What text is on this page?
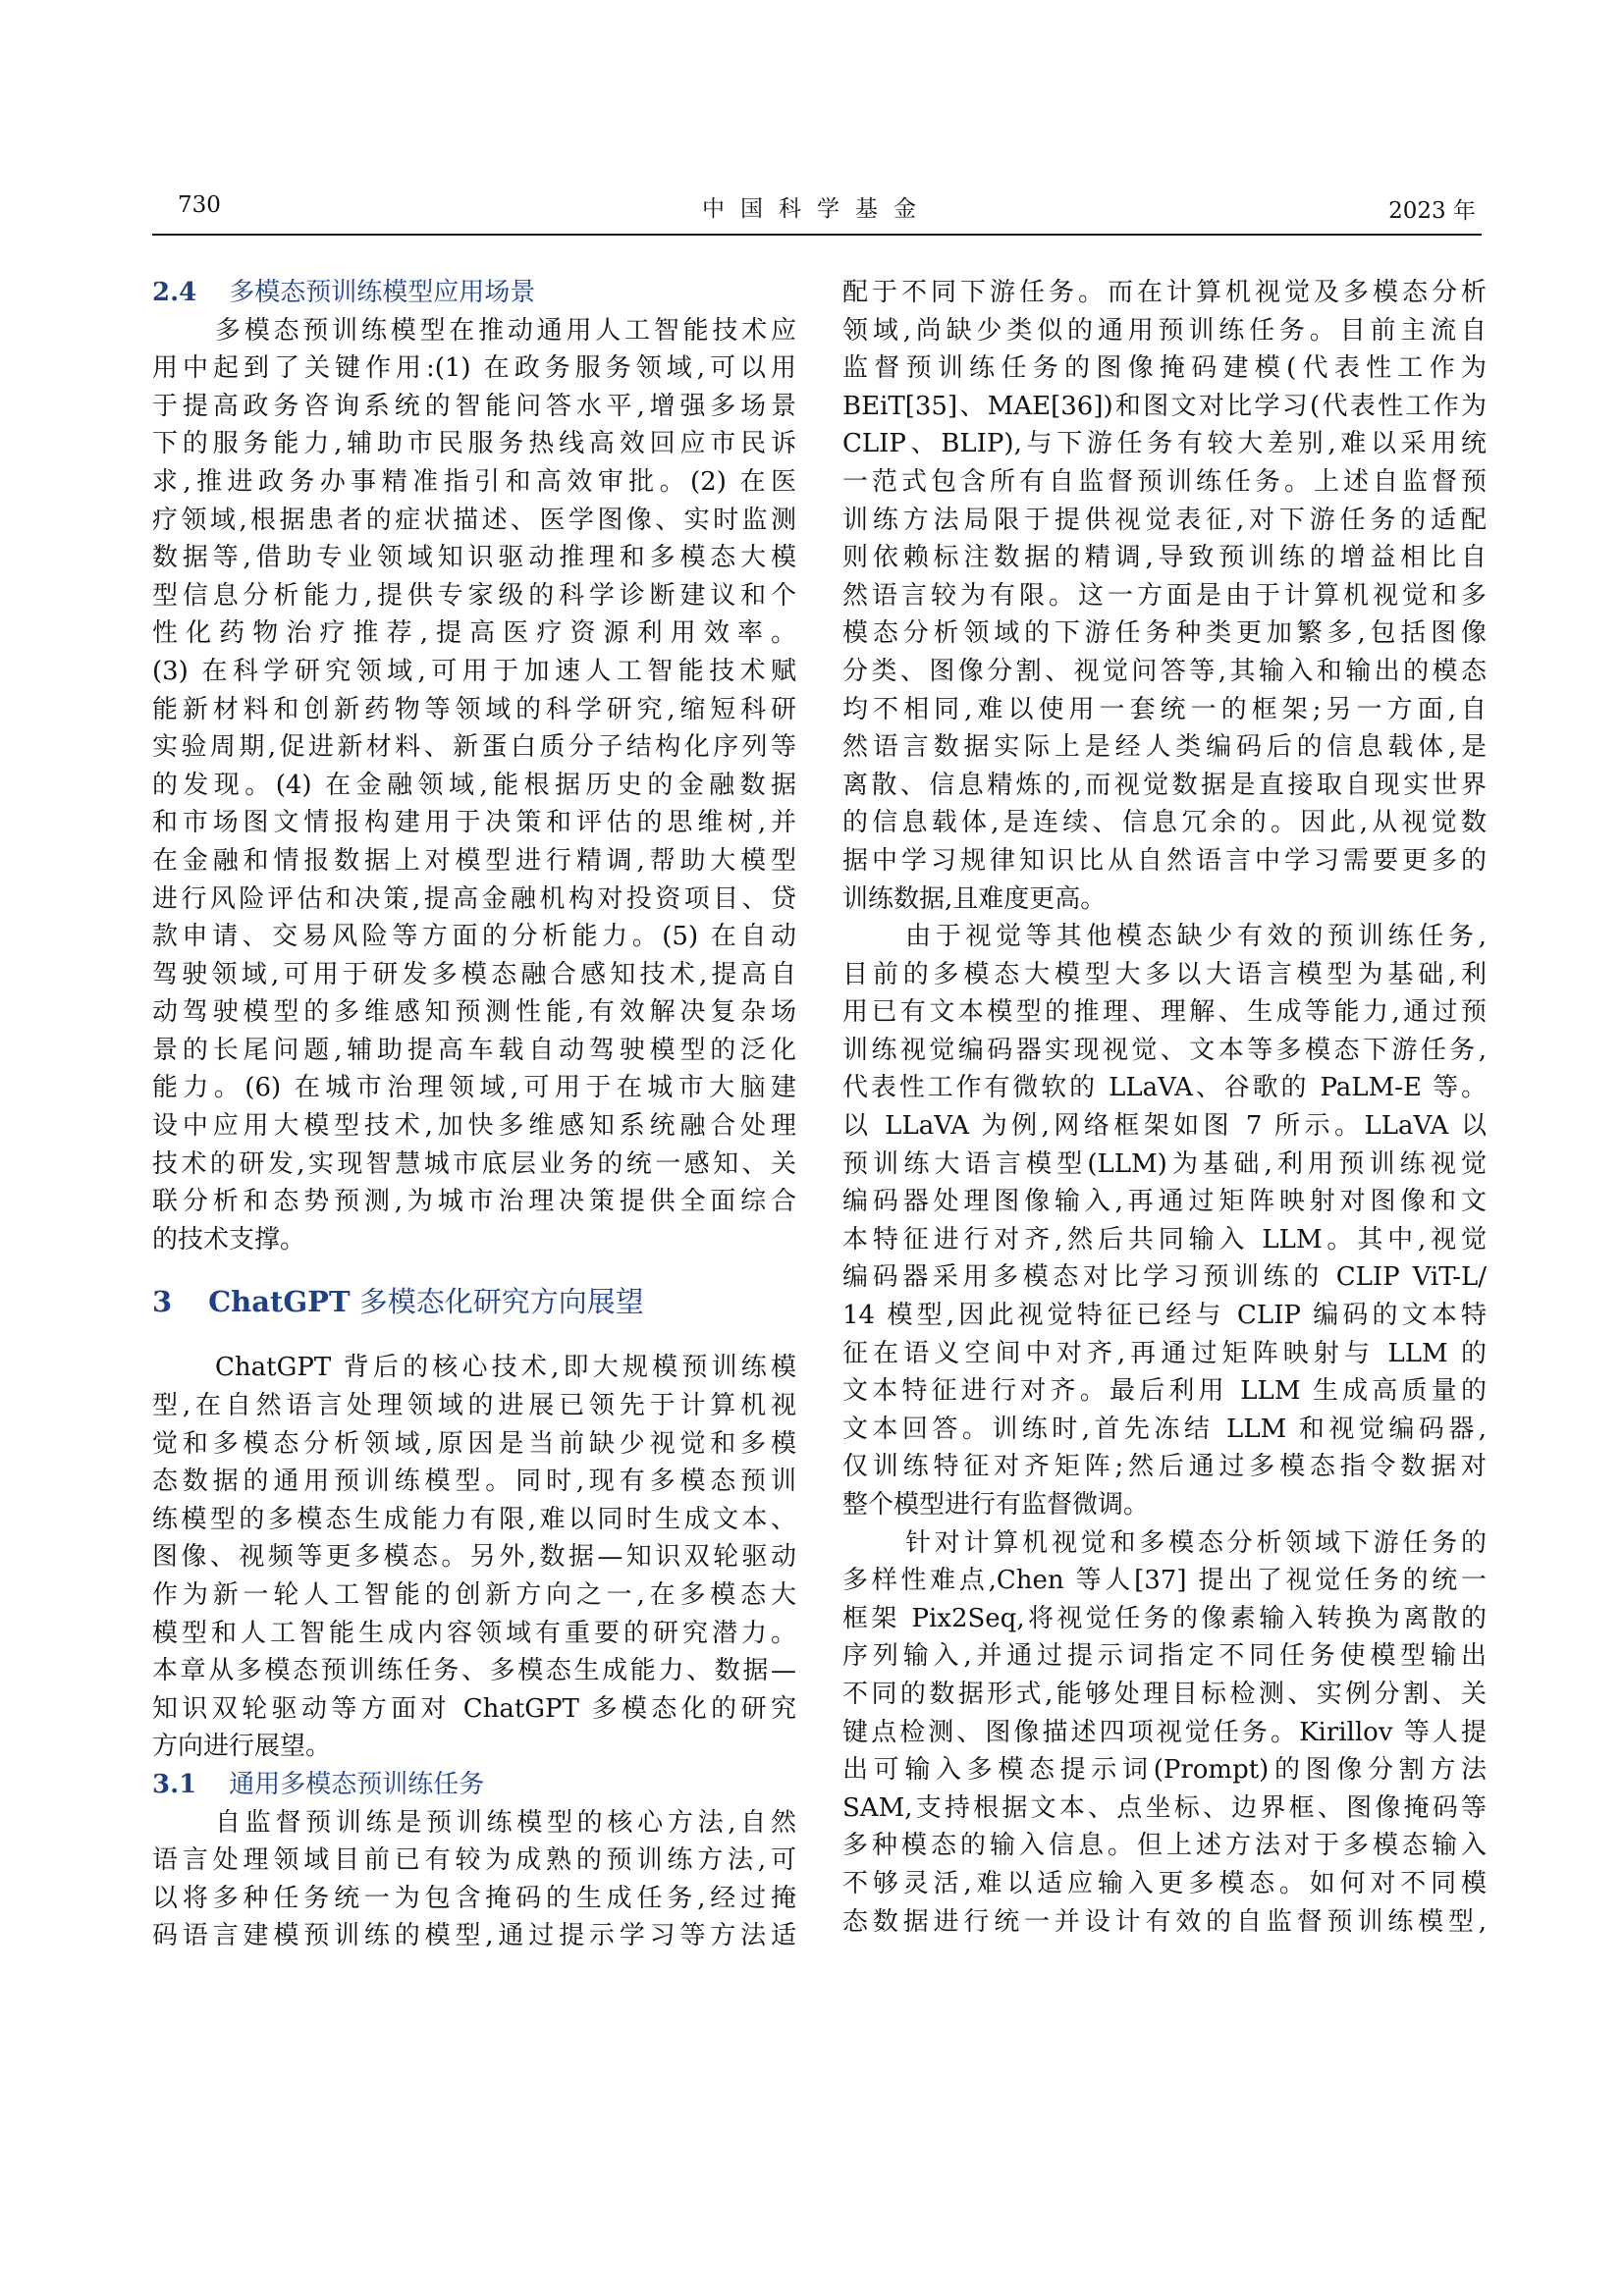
730	中国科学基金	2023 年
2.4 多模态预训练模型应用场景
多模态预训练模型在推动通用人工智能技术应
用中起到了关键作用:(1) 在政务服务领域,可以用
于提高政务咨询系统的智能问答水平,增强多场景
下的服务能力,辅助市民服务热线高效回应市民诉
求,推进政务办事精准指引和高效审批。(2) 在医
疗领域,根据患者的症状描述、医学图像、实时监测
数据等,借助专业领域知识驱动推理和多模态大模
型信息分析能力,提供专家级的科学诊断建议和个
性化药物治疗推荐,提高医疗资源利用效率。
(3) 在科学研究领域,可用于加速人工智能技术赋
能新材料和创新药物等领域的科学研究,缩短科研
实验周期,促进新材料、新蛋白质分子结构化序列等
的发现。(4) 在金融领域,能根据历史的金融数据
和市场图文情报构建用于决策和评估的思维树,并
在金融和情报数据上对模型进行精调,帮助大模型
进行风险评估和决策,提高金融机构对投资项目、贷
款申请、交易风险等方面的分析能力。(5) 在自动
驾驶领域,可用于研发多模态融合感知技术,提高自
动驾驶模型的多维感知预测性能,有效解决复杂场
景的长尾问题,辅助提高车载自动驾驶模型的泛化
能力。(6) 在城市治理领域,可用于在城市大脑建
设中应用大模型技术,加快多维感知系统融合处理
技术的研发,实现智慧城市底层业务的统一感知、关
联分析和态势预测,为城市治理决策提供全面综合
的技术支撑。
3 ChatGPT 多模态化研究方向展望
ChatGPT 背后的核心技术,即大规模预训练模
型,在自然语言处理领域的进展已领先于计算机视
觉和多模态分析领域,原因是当前缺少视觉和多模
态数据的通用预训练模型。同时,现有多模态预训
练模型的多模态生成能力有限,难以同时生成文本、
图像、视频等更多模态。另外,数据—知识双轮驱动
作为新一轮人工智能的创新方向之一,在多模态大
模型和人工智能生成内容领域有重要的研究潜力。
本章从多模态预训练任务、多模态生成能力、数据—
知识双轮驱动等方面对 ChatGPT 多模态化的研究
方向进行展望。
3.1 通用多模态预训练任务
自监督预训练是预训练模型的核心方法,自然
语言处理领域目前已有较为成熟的预训练方法,可
以将多种任务统一为包含掩码的生成任务,经过掩
码语言建模预训练的模型,通过提示学习等方法适
配于不同下游任务。而在计算机视觉及多模态分析
领域,尚缺少类似的通用预训练任务。目前主流自
监督预训练任务的图像掩码建模(代表性工作为
BEiT[35]、MAE[36])和图文对比学习(代表性工作为
CLIP、BLIP),与下游任务有较大差别,难以采用统
一范式包含所有自监督预训练任务。上述自监督预
训练方法局限于提供视觉表征,对下游任务的适配
则依赖标注数据的精调,导致预训练的增益相比自
然语言较为有限。这一方面是由于计算机视觉和多
模态分析领域的下游任务种类更加繁多,包括图像
分类、图像分割、视觉问答等,其输入和输出的模态
均不相同,难以使用一套统一的框架;另一方面,自
然语言数据实际上是经人类编码后的信息载体,是
离散、信息精炼的,而视觉数据是直接取自现实世界
的信息载体,是连续、信息冗余的。因此,从视觉数
据中学习规律知识比从自然语言中学习需要更多的
训练数据,且难度更高。
由于视觉等其他模态缺少有效的预训练任务,
目前的多模态大模型大多以大语言模型为基础,利
用已有文本模型的推理、理解、生成等能力,通过预
训练视觉编码器实现视觉、文本等多模态下游任务,
代表性工作有微软的 LLaVA、谷歌的 PaLM-E 等。
以 LLaVA 为例,网络框架如图 7 所示。LLaVA 以
预训练大语言模型(LLM)为基础,利用预训练视觉
编码器处理图像输入,再通过矩阵映射对图像和文
本特征进行对齐,然后共同输入 LLM。其中,视觉
编码器采用多模态对比学习预训练的 CLIP ViT-L/
14 模型,因此视觉特征已经与 CLIP 编码的文本特
征在语义空间中对齐,再通过矩阵映射与 LLM 的
文本特征进行对齐。最后利用 LLM 生成高质量的
文本回答。训练时,首先冻结 LLM 和视觉编码器,
仅训练特征对齐矩阵;然后通过多模态指令数据对
整个模型进行有监督微调。
针对计算机视觉和多模态分析领域下游任务的
多样性难点,Chen 等人[37] 提出了视觉任务的统一
框架 Pix2Seq,将视觉任务的像素输入转换为离散的
序列输入,并通过提示词指定不同任务使模型输出
不同的数据形式,能够处理目标检测、实例分割、关
键点检测、图像描述四项视觉任务。Kirillov 等人提
出可输入多模态提示词(Prompt)的图像分割方法
SAM,支持根据文本、点坐标、边界框、图像掩码等
多种模态的输入信息。但上述方法对于多模态输入
不够灵活,难以适应输入更多模态。如何对不同模
态数据进行统一并设计有效的自监督预训练模型,
